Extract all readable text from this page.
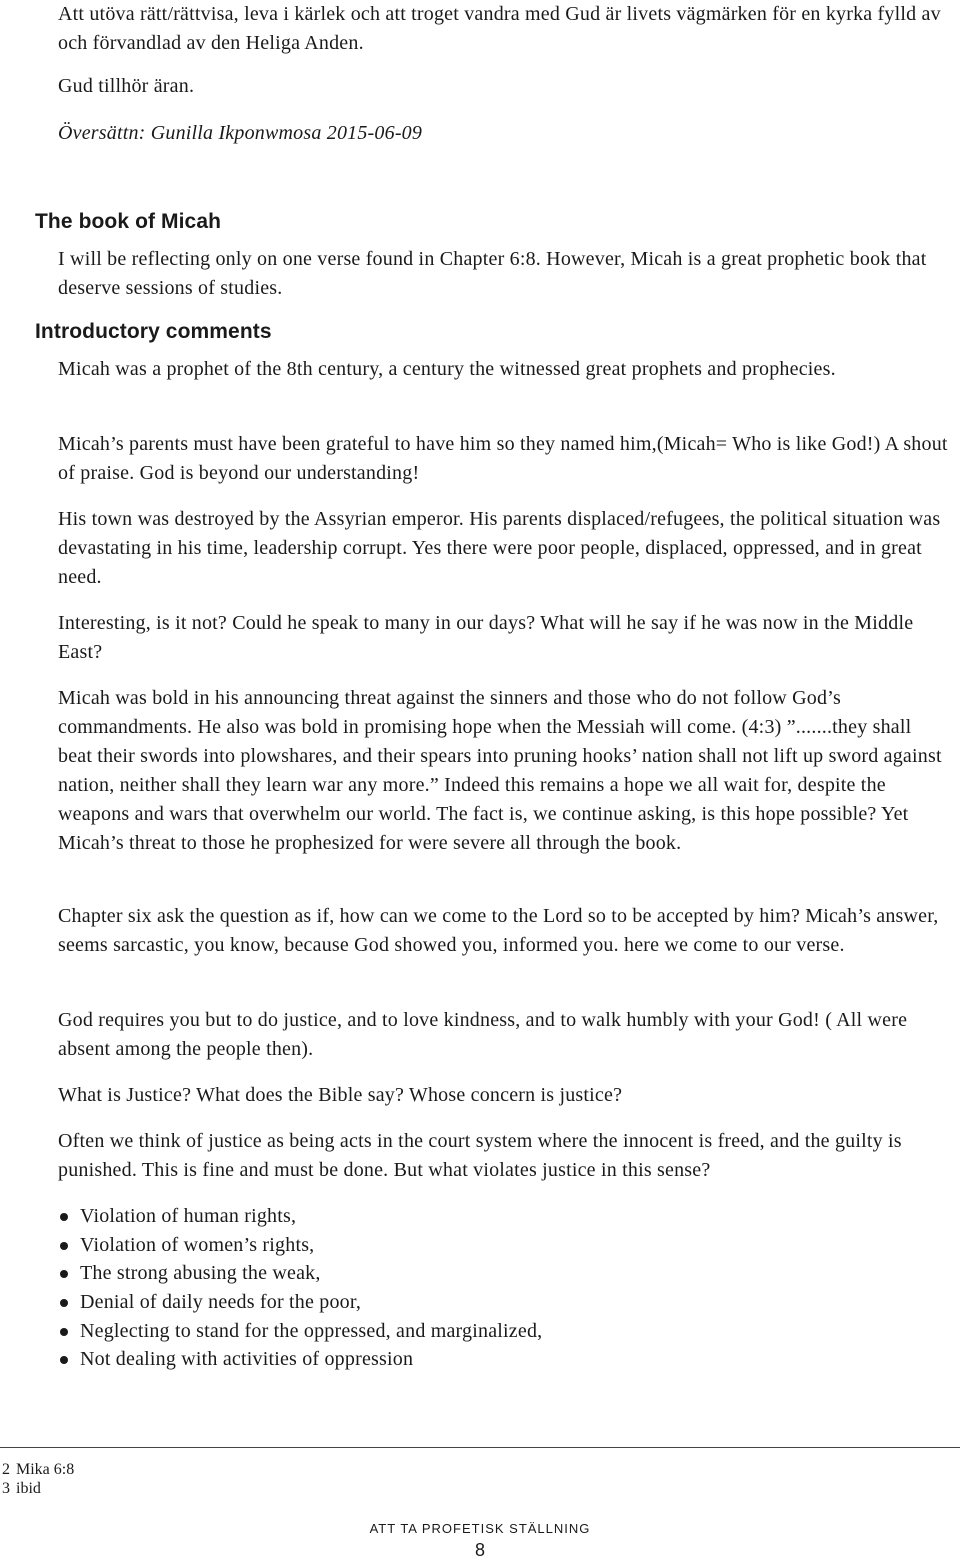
Att utöva rätt/rättvisa, leva i kärlek och att troget vandra med Gud är livets vägmärken för en kyrka fylld av och förvandlad av den Heliga Anden.

Gud tillhör äran.

Översättn: Gunilla Ikponwmosa 2015-06-09

The book of Micah

I will be reflecting only on one verse found in Chapter 6:8. However, Micah is a great prophetic book that deserve sessions of studies.

Introductory comments

Micah was a prophet of the 8th century, a century the witnessed great prophets and prophecies.

Micah’s parents must have been grateful to have him so they named him,(Micah= Who is like God!) A shout of praise. God is beyond our understanding!

His town was destroyed by the Assyrian emperor. His parents displaced/refugees, the political situation was devastating in his time, leadership corrupt. Yes there were poor people, displaced, oppressed, and in great need.

Interesting, is it not? Could he speak to many in our days? What will he say if he was now in the Middle East?

Micah was bold in his announcing threat against the sinners and those who do not follow God’s commandments. He also was bold in promising hope when the Messiah will come. (4:3) ”.......they shall beat their swords into plowshares, and their spears into pruning hooks’ nation shall not lift up sword against nation, neither shall they learn war any more.” Indeed this remains a hope we all wait for, despite the weapons and wars that overwhelm our world. The fact is, we continue asking, is this hope possible? Yet Micah’s threat to those he prophesized for were severe all through the book.

Chapter six ask the question as if, how can we come to the Lord so to be accepted by him? Micah’s answer, seems sarcastic, you know, because God showed you, informed you. here we come to our verse.

God requires you but to do justice, and to love kindness, and to walk humbly with your God! ( All were absent among the people then).

What is Justice? What does the Bible say? Whose concern is justice?

Often we think of justice as being acts in the court system where the innocent is freed, and the guilty is punished. This is fine and must be done. But what violates justice in this sense?

Violation of human rights,
Violation of women’s rights,
The strong abusing the weak,
Denial of daily needs for the poor,
Neglecting to stand for the oppressed, and marginalized,
Not dealing with activities of oppression
2 Mika 6:8
3 ibid
ATT TA PROFETISK STÄLLNING
8
